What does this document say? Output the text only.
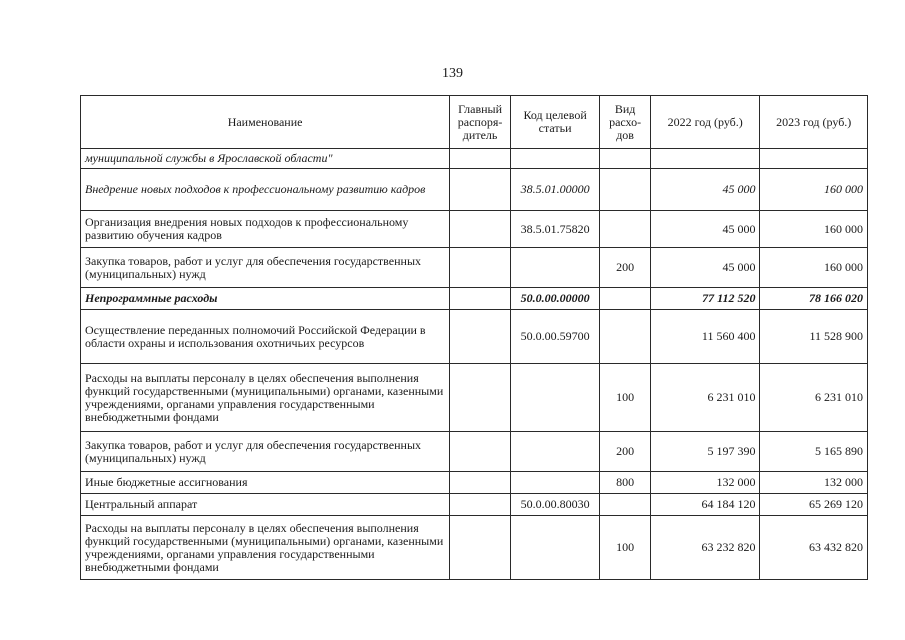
139
Наименование	Главный распоря-дитель	Код целевой статьи	Вид расхо-дов	2022 год (руб.)	2023 год (руб.)
муниципальной службы в Ярославской области"					
Внедрение новых подходов к профессиональному развитию кадров		38.5.01.00000		45 000	160 000
Организация внедрения новых подходов к профессиональному развитию обучения кадров		38.5.01.75820		45 000	160 000
Закупка товаров, работ и услуг для обеспечения государственных (муниципальных) нужд			200	45 000	160 000
Непрограммные расходы		50.0.00.00000		77 112 520	78 166 020
Осуществление переданных полномочий Российской Федерации в области охраны и использования охотничьих ресурсов		50.0.00.59700		11 560 400	11 528 900
Расходы на выплаты персоналу в целях обеспечения выполнения функций государственными (муниципальными) органами, казенными учреждениями, органами управления государственными внебюджетными фондами			100	6 231 010	6 231 010
Закупка товаров, работ и услуг для обеспечения государственных (муниципальных) нужд			200	5 197 390	5 165 890
Иные бюджетные ассигнования			800	132 000	132 000
Центральный аппарат		50.0.00.80030		64 184 120	65 269 120
Расходы на выплаты персоналу в целях обеспечения выполнения функций государственными (муниципальными) органами, казенными учреждениями, органами управления государственными внебюджетными фондами			100	63 232 820	63 432 820
